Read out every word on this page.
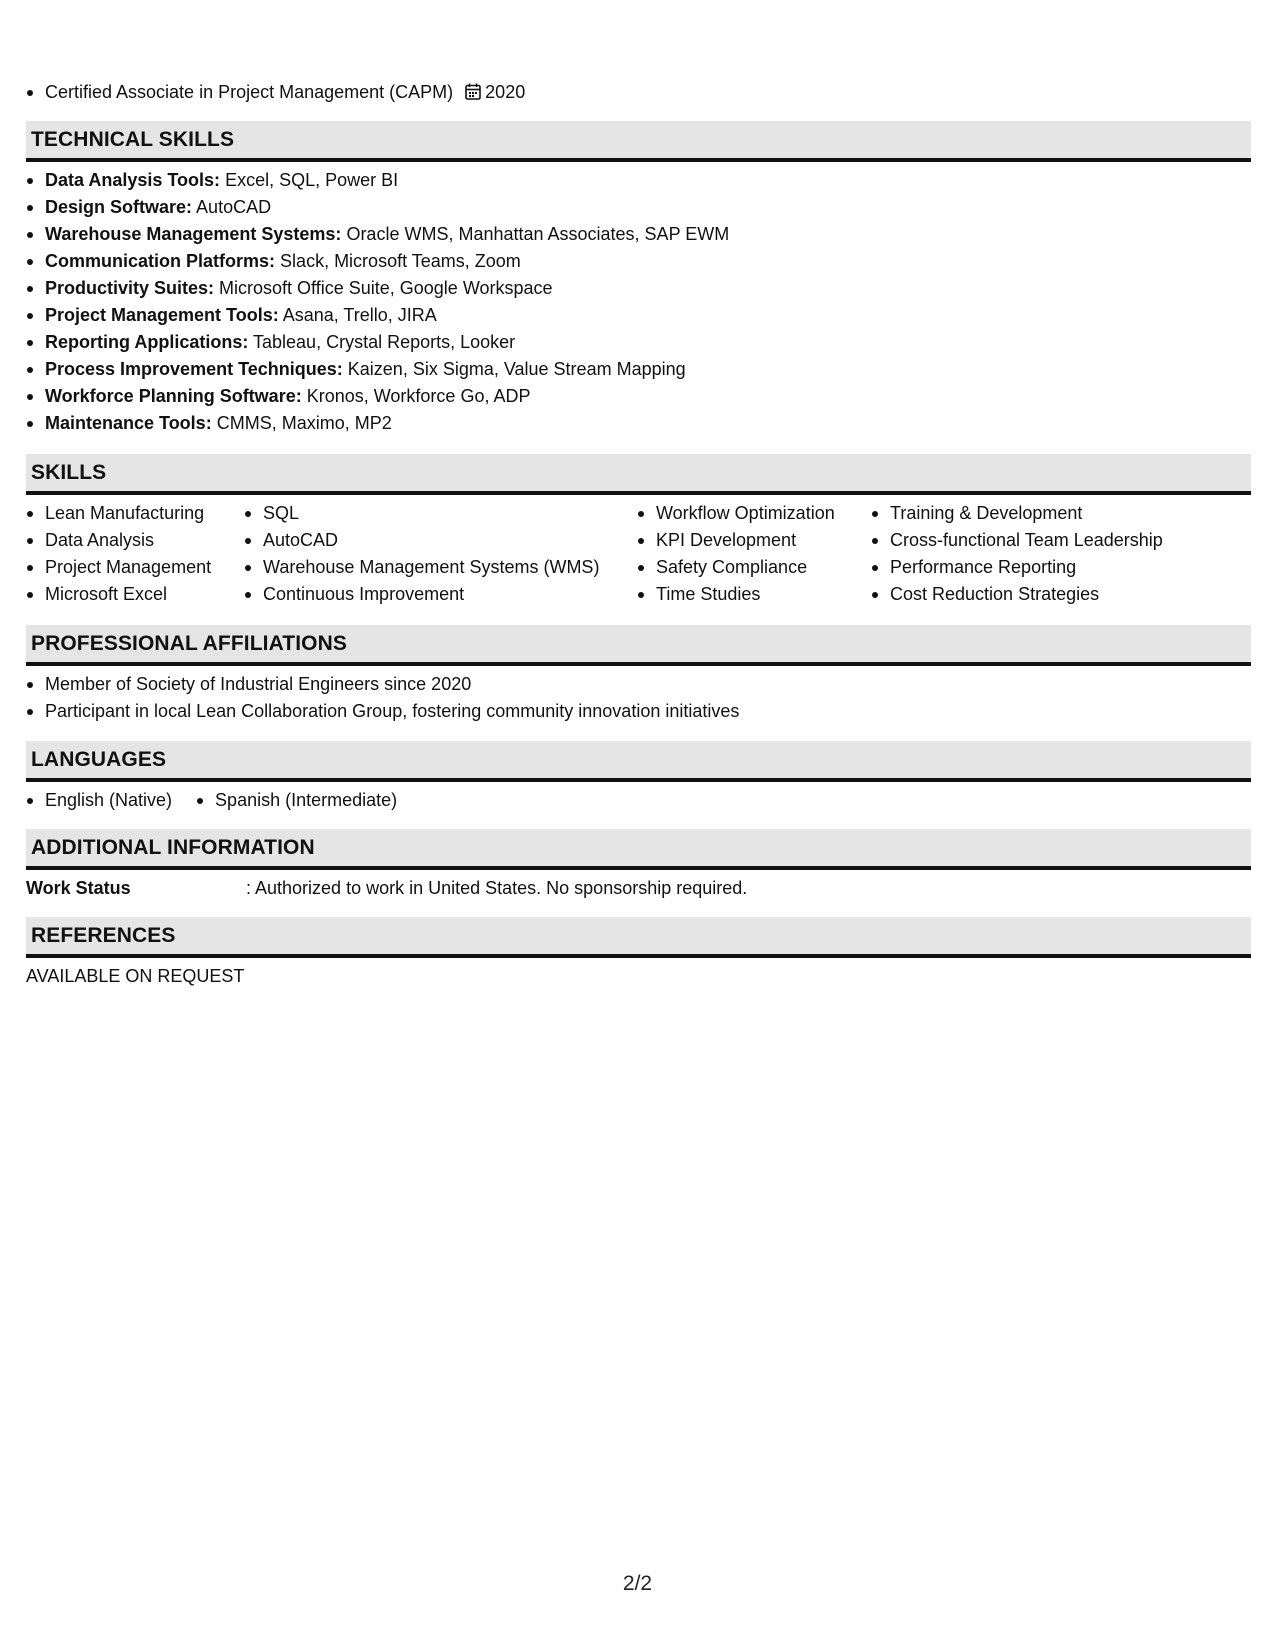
Certified Associate in Project Management (CAPM) 2020
TECHNICAL SKILLS
Data Analysis Tools: Excel, SQL, Power BI
Design Software: AutoCAD
Warehouse Management Systems: Oracle WMS, Manhattan Associates, SAP EWM
Communication Platforms: Slack, Microsoft Teams, Zoom
Productivity Suites: Microsoft Office Suite, Google Workspace
Project Management Tools: Asana, Trello, JIRA
Reporting Applications: Tableau, Crystal Reports, Looker
Process Improvement Techniques: Kaizen, Six Sigma, Value Stream Mapping
Workforce Planning Software: Kronos, Workforce Go, ADP
Maintenance Tools: CMMS, Maximo, MP2
SKILLS
Lean Manufacturing
Data Analysis
Project Management
Microsoft Excel
SQL
AutoCAD
Warehouse Management Systems (WMS)
Continuous Improvement
Workflow Optimization
KPI Development
Safety Compliance
Time Studies
Training & Development
Cross-functional Team Leadership
Performance Reporting
Cost Reduction Strategies
PROFESSIONAL AFFILIATIONS
Member of Society of Industrial Engineers since 2020
Participant in local Lean Collaboration Group, fostering community innovation initiatives
LANGUAGES
English (Native)	Spanish (Intermediate)
ADDITIONAL INFORMATION
Work Status	: Authorized to work in United States. No sponsorship required.
REFERENCES
AVAILABLE ON REQUEST
2/2
